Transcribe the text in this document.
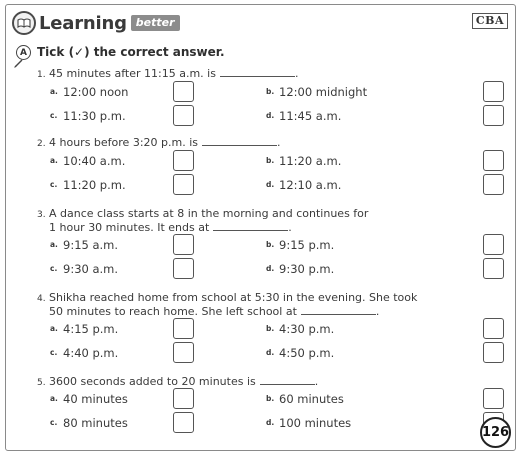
Learning better	CBA
A Tick (✓) the correct answer.
1. 45 minutes after 11:15 a.m. is	.
a. 12:00 noon	b. 12:00 midnight
c. 11:30 p.m.	d. 11:45 a.m.
2. 4 hours before 3:20 p.m. is	.
a. 10:40 a.m.	b. 11:20 a.m.
c. 11:20 p.m.	d. 12:10 a.m.
3. A dance class starts at 8 in the morning and continues for
1 hour 30 minutes. It ends at	.
a. 9:15 a.m.	b. 9:15 p.m.
c. 9:30 a.m.	d. 9:30 p.m.
4. Shikha reached home from school at 5:30 in the evening. She took
50 minutes to reach home. She left school at	.
a. 4:15 p.m.	b. 4:30 p.m.
c. 4:40 p.m.	d. 4:50 p.m.
5. 3600 seconds added to 20 minutes is	.
a. 40 minutes	b. 60 minutes
c. 80 minutes	d. 100 minutes
126
